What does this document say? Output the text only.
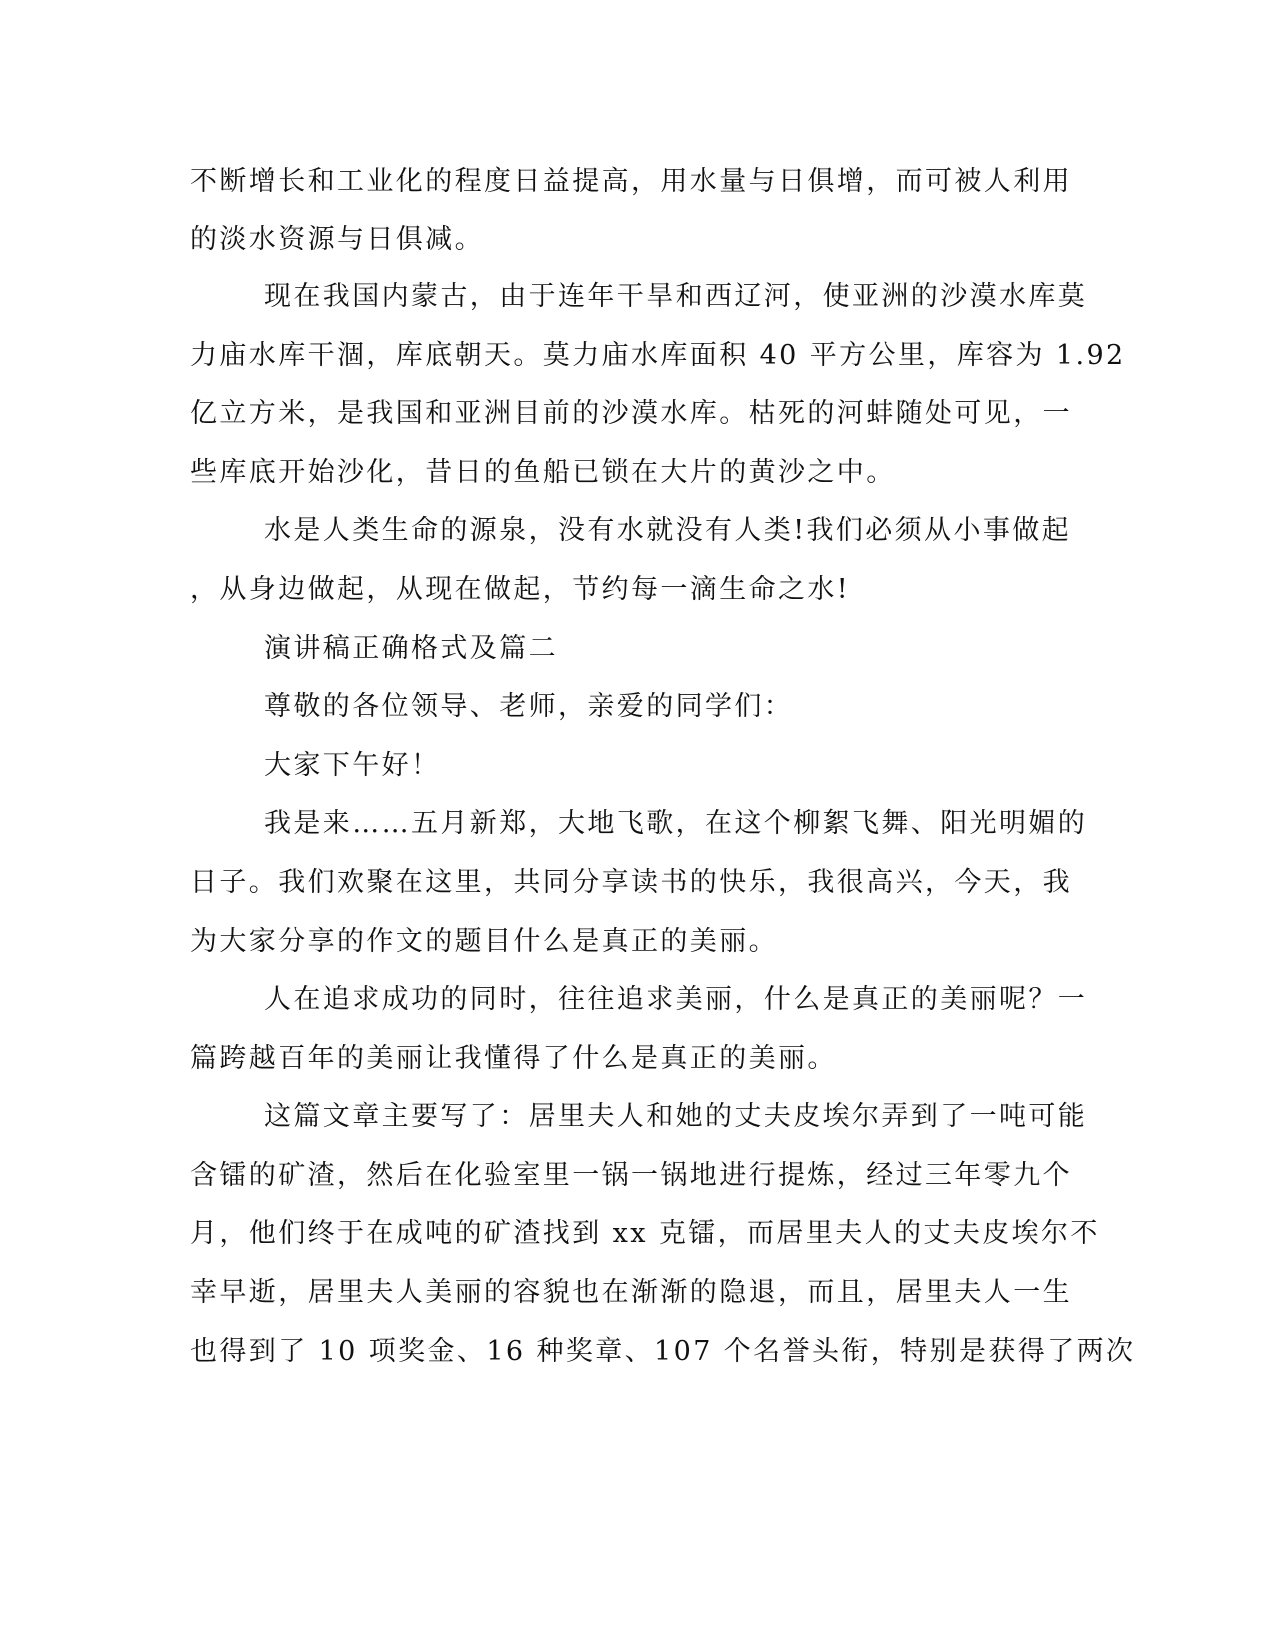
不断增长和工业化的程度日益提高，用水量与日俱增，而可被人利用
的淡水资源与日俱减。
现在我国内蒙古，由于连年干旱和西辽河，使亚洲的沙漠水库莫
力庙水库干涸，库底朝天。莫力庙水库面积 40 平方公里，库容为 1.92
亿立方米，是我国和亚洲目前的沙漠水库。枯死的河蚌随处可见，一
些库底开始沙化，昔日的鱼船已锁在大片的黄沙之中。
水是人类生命的源泉，没有水就没有人类!我们必须从小事做起
，从身边做起，从现在做起，节约每一滴生命之水!
演讲稿正确格式及篇二
尊敬的各位领导、老师，亲爱的同学们：
大家下午好！
我是来……五月新郑，大地飞歌，在这个柳絮飞舞、阳光明媚的
日子。我们欢聚在这里，共同分享读书的快乐，我很高兴，今天，我
为大家分享的作文的题目什么是真正的美丽。
人在追求成功的同时，往往追求美丽，什么是真正的美丽呢？一
篇跨越百年的美丽让我懂得了什么是真正的美丽。
这篇文章主要写了：居里夫人和她的丈夫皮埃尔弄到了一吨可能
含镭的矿渣，然后在化验室里一锅一锅地进行提炼，经过三年零九个
月，他们终于在成吨的矿渣找到 xx 克镭，而居里夫人的丈夫皮埃尔不
幸早逝，居里夫人美丽的容貌也在渐渐的隐退，而且，居里夫人一生
也得到了 10 项奖金、16 种奖章、107 个名誉头衔，特别是获得了两次
